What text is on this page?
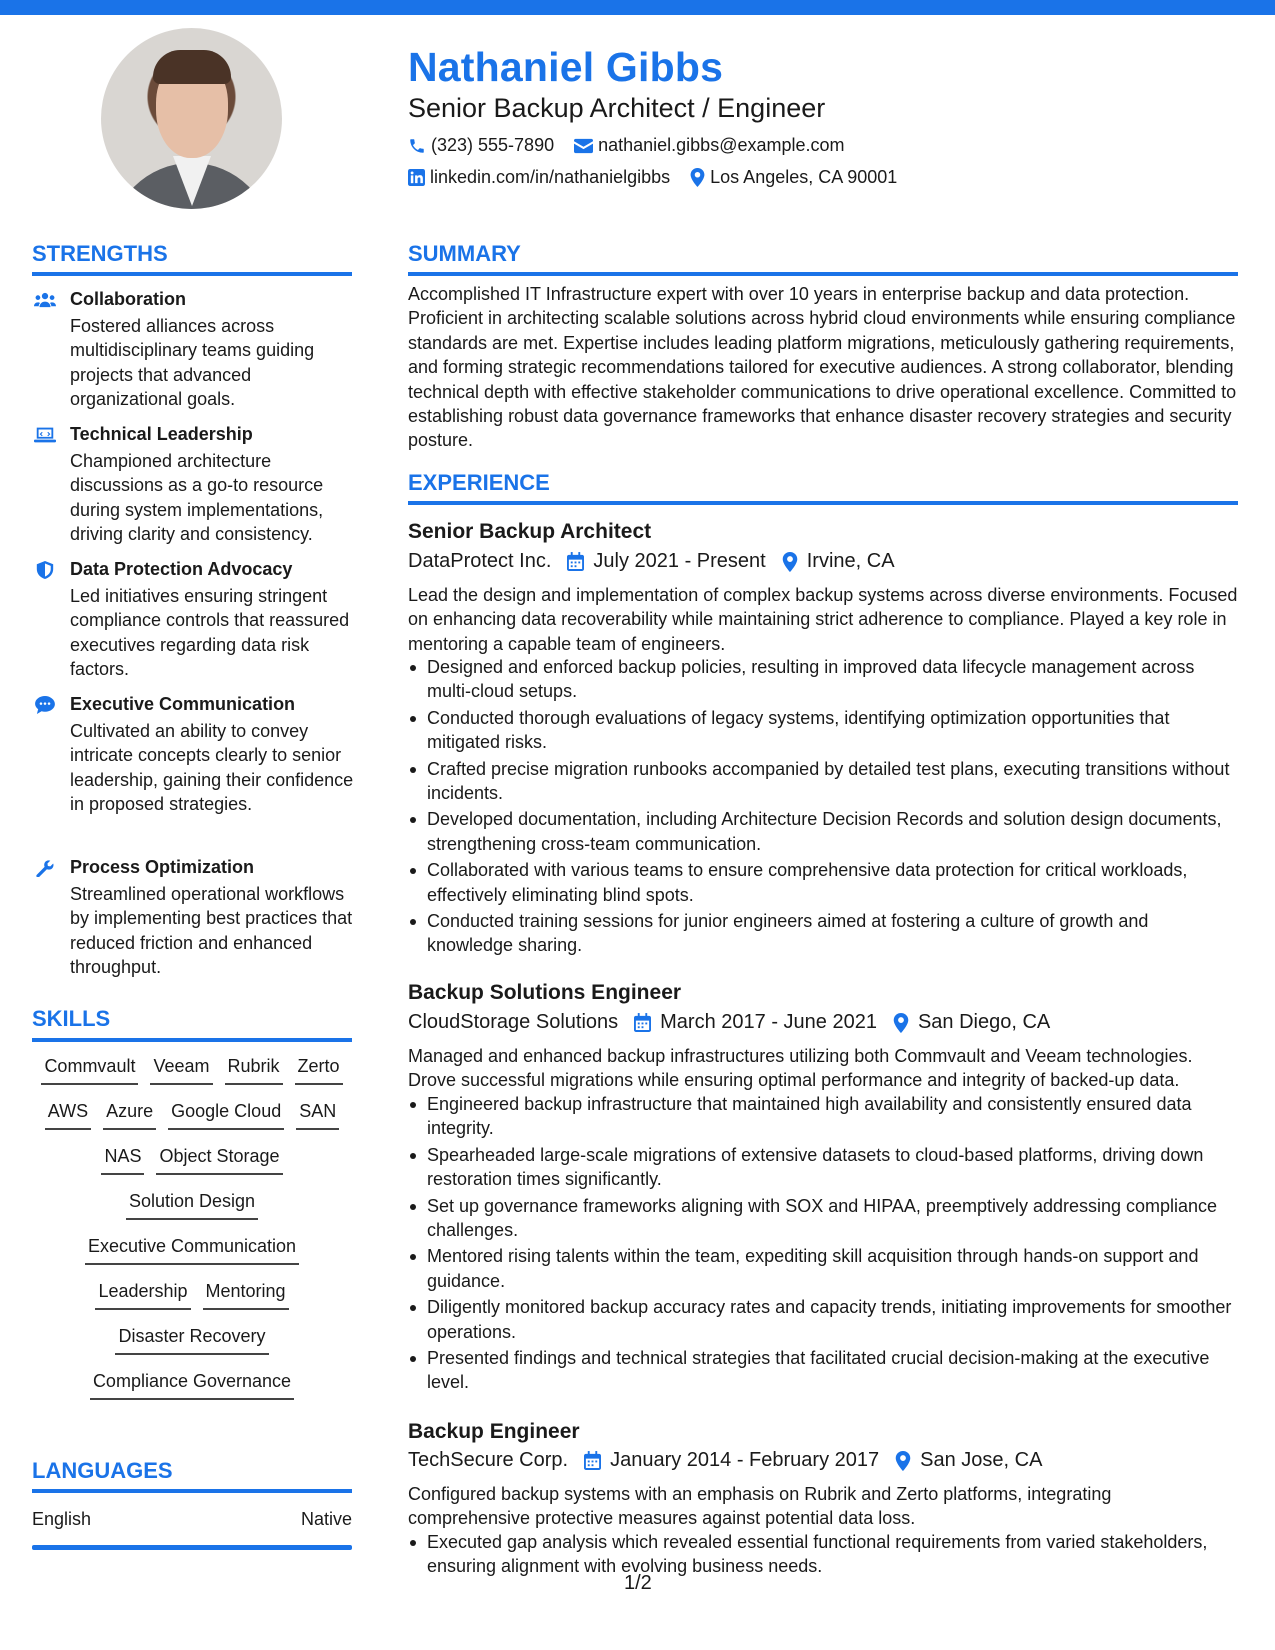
Nathaniel Gibbs
Senior Backup Architect / Engineer
(323) 555-7890 nathaniel.gibbs@example.com
linkedin.com/in/nathanielgibbs Los Angeles, CA 90001
STRENGTHS
Collaboration
Fostered alliances across multidisciplinary teams guiding projects that advanced organizational goals.
Technical Leadership
Championed architecture discussions as a go-to resource during system implementations, driving clarity and consistency.
Data Protection Advocacy
Led initiatives ensuring stringent compliance controls that reassured executives regarding data risk factors.
Executive Communication
Cultivated an ability to convey intricate concepts clearly to senior leadership, gaining their confidence in proposed strategies.
Process Optimization
Streamlined operational workflows by implementing best practices that reduced friction and enhanced throughput.
SKILLS
Commvault Veeam Rubrik Zerto
AWS Azure Google Cloud SAN
NAS Object Storage
Solution Design
Executive Communication
Leadership Mentoring
Disaster Recovery
Compliance Governance
LANGUAGES
English	Native
SUMMARY
Accomplished IT Infrastructure expert with over 10 years in enterprise backup and data protection. Proficient in architecting scalable solutions across hybrid cloud environments while ensuring compliance standards are met. Expertise includes leading platform migrations, meticulously gathering requirements, and forming strategic recommendations tailored for executive audiences. A strong collaborator, blending technical depth with effective stakeholder communications to drive operational excellence. Committed to establishing robust data governance frameworks that enhance disaster recovery strategies and security posture.
EXPERIENCE
Senior Backup Architect
DataProtect Inc. July 2021 - Present Irvine, CA
Lead the design and implementation of complex backup systems across diverse environments. Focused on enhancing data recoverability while maintaining strict adherence to compliance. Played a key role in mentoring a capable team of engineers.
Designed and enforced backup policies, resulting in improved data lifecycle management across multi-cloud setups.
Conducted thorough evaluations of legacy systems, identifying optimization opportunities that mitigated risks.
Crafted precise migration runbooks accompanied by detailed test plans, executing transitions without incidents.
Developed documentation, including Architecture Decision Records and solution design documents, strengthening cross-team communication.
Collaborated with various teams to ensure comprehensive data protection for critical workloads, effectively eliminating blind spots.
Conducted training sessions for junior engineers aimed at fostering a culture of growth and knowledge sharing.
Backup Solutions Engineer
CloudStorage Solutions March 2017 - June 2021 San Diego, CA
Managed and enhanced backup infrastructures utilizing both Commvault and Veeam technologies. Drove successful migrations while ensuring optimal performance and integrity of backed-up data.
Engineered backup infrastructure that maintained high availability and consistently ensured data integrity.
Spearheaded large-scale migrations of extensive datasets to cloud-based platforms, driving down restoration times significantly.
Set up governance frameworks aligning with SOX and HIPAA, preemptively addressing compliance challenges.
Mentored rising talents within the team, expediting skill acquisition through hands-on support and guidance.
Diligently monitored backup accuracy rates and capacity trends, initiating improvements for smoother operations.
Presented findings and technical strategies that facilitated crucial decision-making at the executive level.
Backup Engineer
TechSecure Corp. January 2014 - February 2017 San Jose, CA
Configured backup systems with an emphasis on Rubrik and Zerto platforms, integrating comprehensive protective measures against potential data loss.
Executed gap analysis which revealed essential functional requirements from varied stakeholders, ensuring alignment with evolving business needs.
1/2
